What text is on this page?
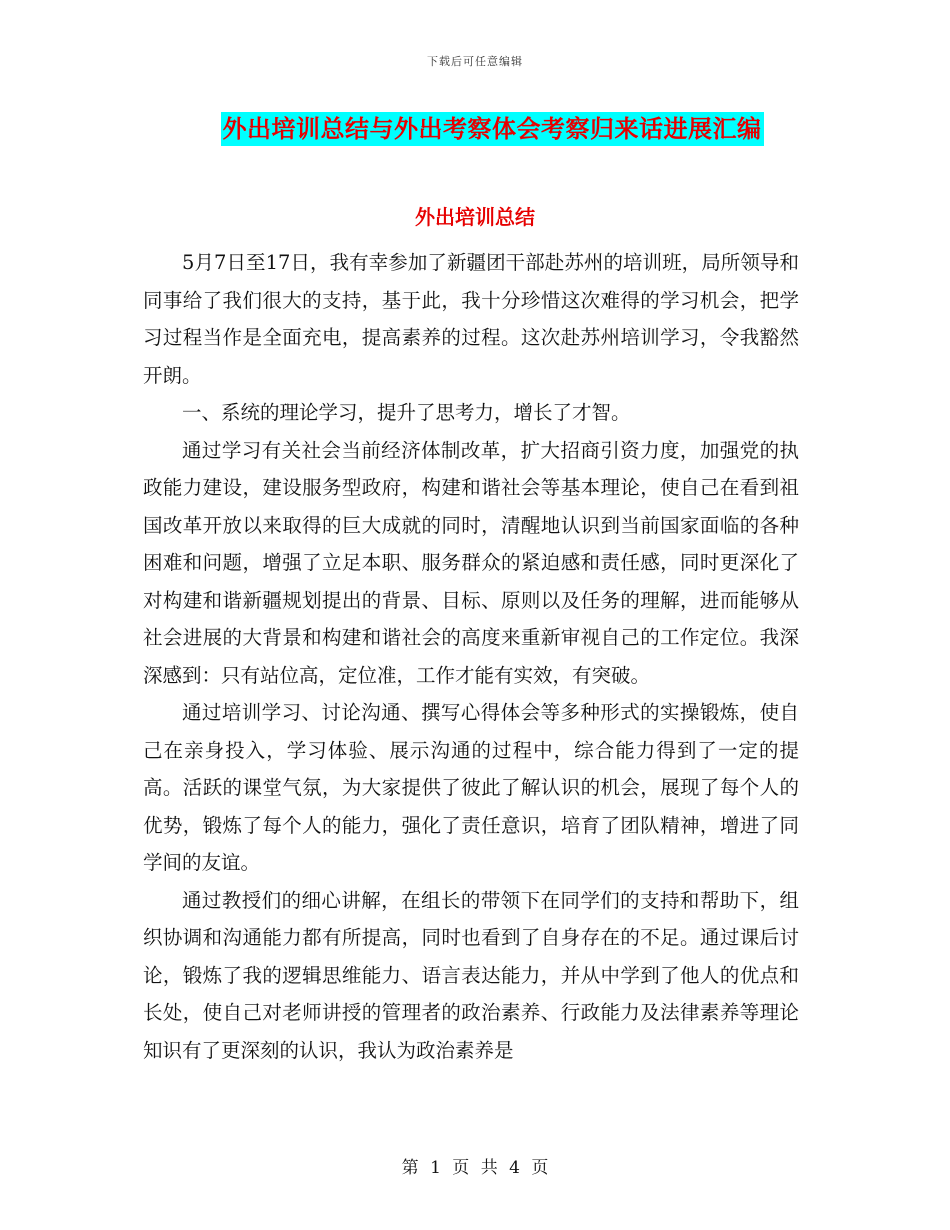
下载后可任意编辑
外出培训总结与外出考察体会考察归来话进展汇编
外出培训总结

5月7日至17日，我有幸参加了新疆团干部赴苏州的培训班，局所领导和同事给了我们很大的支持，基于此，我十分珍惜这次难得的学习机会，把学习过程当作是全面充电，提高素养的过程。这次赴苏州培训学习，令我豁然开朗。

一、系统的理论学习，提升了思考力，增长了才智。

通过学习有关社会当前经济体制改革，扩大招商引资力度，加强党的执政能力建设，建设服务型政府，构建和谐社会等基本理论，使自己在看到祖国改革开放以来取得的巨大成就的同时，清醒地认识到当前国家面临的各种困难和问题，增强了立足本职、服务群众的紧迫感和责任感，同时更深化了对构建和谐新疆规划提出的背景、目标、原则以及任务的理解，进而能够从社会进展的大背景和构建和谐社会的高度来重新审视自己的工作定位。我深深感到：只有站位高，定位准，工作才能有实效，有突破。

通过培训学习、讨论沟通、撰写心得体会等多种形式的实操锻炼，使自己在亲身投入，学习体验、展示沟通的过程中，综合能力得到了一定的提高。活跃的课堂气氛，为大家提供了彼此了解认识的机会，展现了每个人的优势，锻炼了每个人的能力，强化了责任意识，培育了团队精神，增进了同学间的友谊。

通过教授们的细心讲解，在组长的带领下在同学们的支持和帮助下，组织协调和沟通能力都有所提高，同时也看到了自身存在的不足。通过课后讨论，锻炼了我的逻辑思维能力、语言表达能力，并从中学到了他人的优点和长处，使自己对老师讲授的管理者的政治素养、行政能力及法律素养等理论知识有了更深刻的认识，我认为政治素养是

第 1 页 共 4 页
